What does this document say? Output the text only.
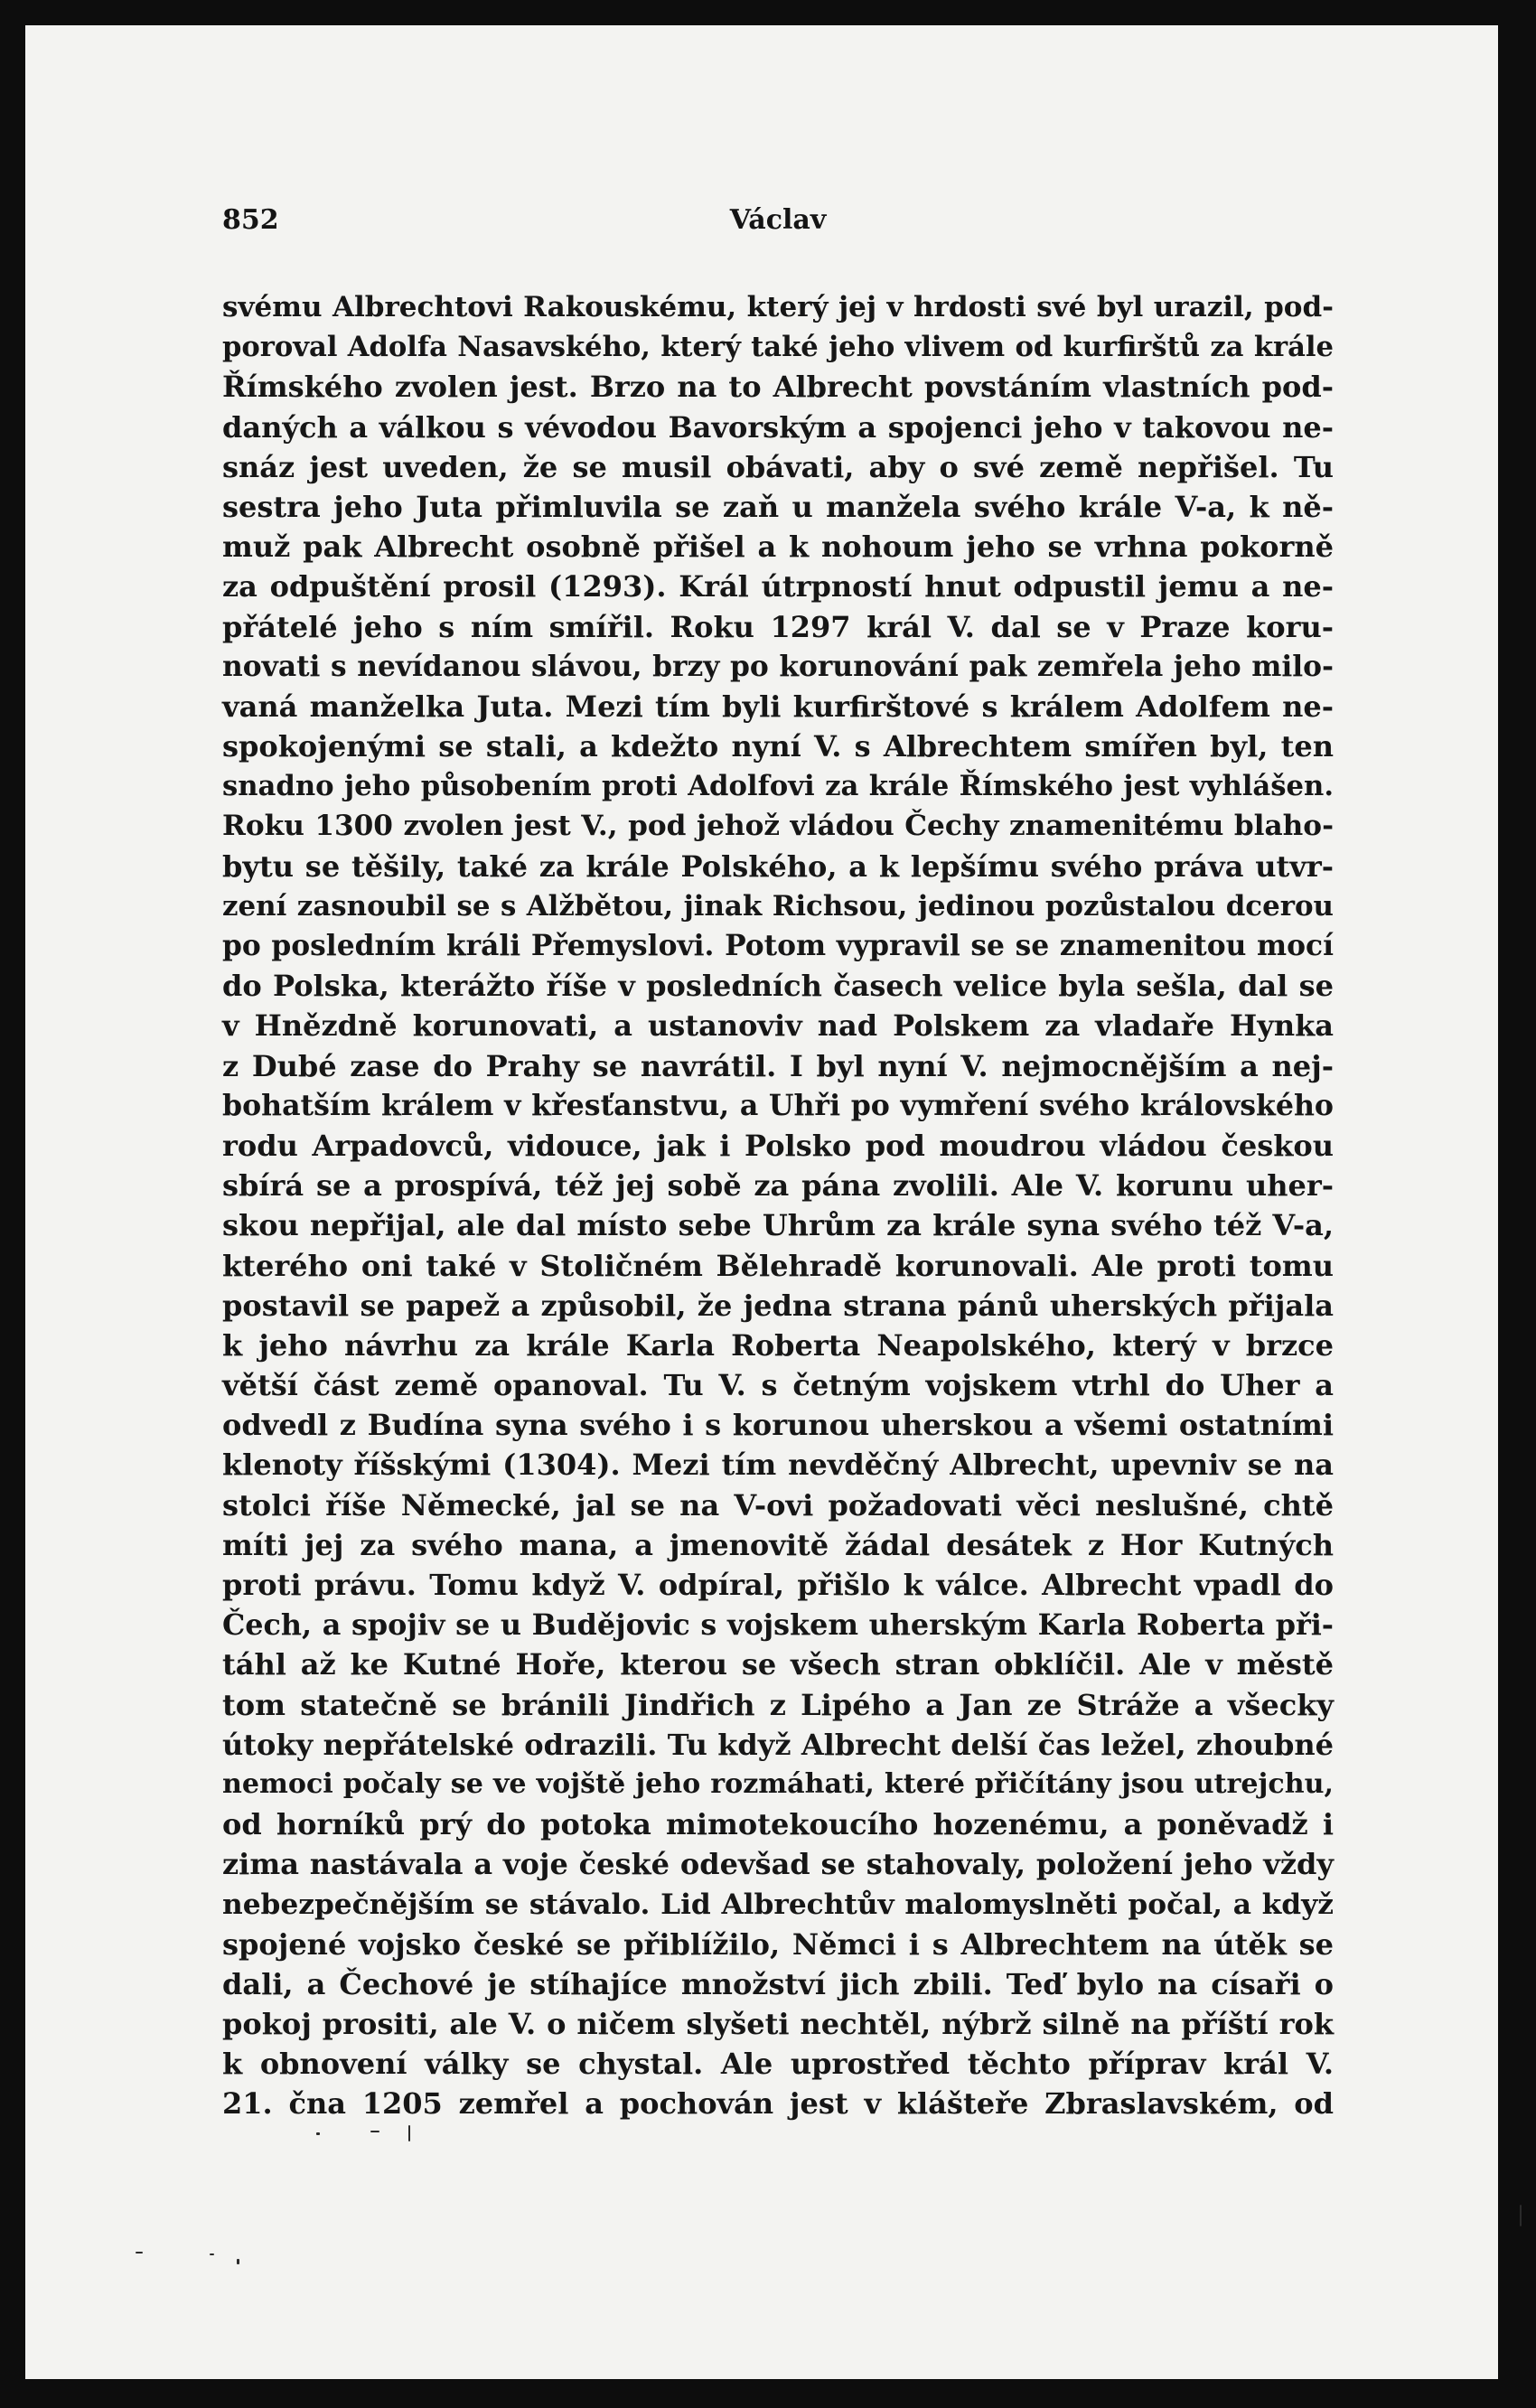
852	Václav
svému Albrechtovi Rakouskému, který jej v hrdosti své byl urazil, pod-
poroval Adolfa Nasavského, který také jeho vlivem od kurfirštů za krále
Římského zvolen jest. Brzo na to Albrecht povstáním vlastních pod-
daných a válkou s vévodou Bavorským a spojenci jeho v takovou ne-
snáz jest uveden, že se musil obávati, aby o své země nepřišel. Tu
sestra jeho Juta přimluvila se zaň u manžela svého krále V-a, k ně-
muž pak Albrecht osobně přišel a k nohoum jeho se vrhna pokorně
za odpuštění prosil (1293). Král útrpností hnut odpustil jemu a ne-
přátelé jeho s ním smířil. Roku 1297 král V. dal se v Praze koru-
novati s nevídanou slávou, brzy po korunování pak zemřela jeho milo-
vaná manželka Juta. Mezi tím byli kurfirštové s králem Adolfem ne-
spokojenými se stali, a kdežto nyní V. s Albrechtem smířen byl, ten
snadno jeho působením proti Adolfovi za krále Římského jest vyhlášen.
Roku 1300 zvolen jest V., pod jehož vládou Čechy znamenitému blaho-
bytu se těšily, také za krále Polského, a k lepšímu svého práva utvr-
zení zasnoubil se s Alžbětou, jinak Richsou, jedinou pozůstalou dcerou
po posledním králi Přemyslovi. Potom vypravil se se znamenitou mocí
do Polska, kterážto říše v posledních časech velice byla sešla, dal se
v Hnězdně korunovati, a ustanoviv nad Polskem za vladaře Hynka
z Dubé zase do Prahy se navrátil. I byl nyní V. nejmocnějším a nej-
bohatším králem v křesťanstvu, a Uhři po vymření svého královského
rodu Arpadovců, vidouce, jak i Polsko pod moudrou vládou českou
sbírá se a prospívá, též jej sobě za pána zvolili. Ale V. korunu uher-
skou nepřijal, ale dal místo sebe Uhrům za krále syna svého též V-a,
kterého oni také v Stoličném Bělehradě korunovali. Ale proti tomu
postavil se papež a způsobil, že jedna strana pánů uherských přijala
k jeho návrhu za krále Karla Roberta Neapolského, který v brzce
větší část země opanoval. Tu V. s četným vojskem vtrhl do Uher a
odvedl z Budína syna svého i s korunou uherskou a všemi ostatními
klenoty říšskými (1304). Mezi tím nevděčný Albrecht, upevniv se na
stolci říše Německé, jal se na V-ovi požadovati věci neslušné, chtě
míti jej za svého mana, a jmenovitě žádal desátek z Hor Kutných
proti právu. Tomu když V. odpíral, přišlo k válce. Albrecht vpadl do
Čech, a spojiv se u Budějovic s vojskem uherským Karla Roberta při-
táhl až ke Kutné Hoře, kterou se všech stran obklíčil. Ale v městě
tom statečně se bránili Jindřich z Lipého a Jan ze Stráže a všecky
útoky nepřátelské odrazili. Tu když Albrecht delší čas ležel, zhoubné
nemoci počaly se ve vojště jeho rozmáhati, které přičítány jsou utrejchu,
od horníků prý do potoka mimotekoucího hozenému, a poněvadž i
zima nastávala a voje české odevšad se stahovaly, položení jeho vždy
nebezpečnějším se stávalo. Lid Albrechtův malomyslněti počal, a když
spojené vojsko české se přiblížilo, Němci i s Albrechtem na útěk se
dali, a Čechové je stíhajíce množství jich zbili. Teď bylo na císaři o
pokoj prositi, ale V. o ničem slyšeti nechtěl, nýbrž silně na příští rok
k obnovení války se chystal. Ale uprostřed těchto příprav král V.
21. čna 1205 zemřel a pochován jest v klášteře Zbraslavském, od
